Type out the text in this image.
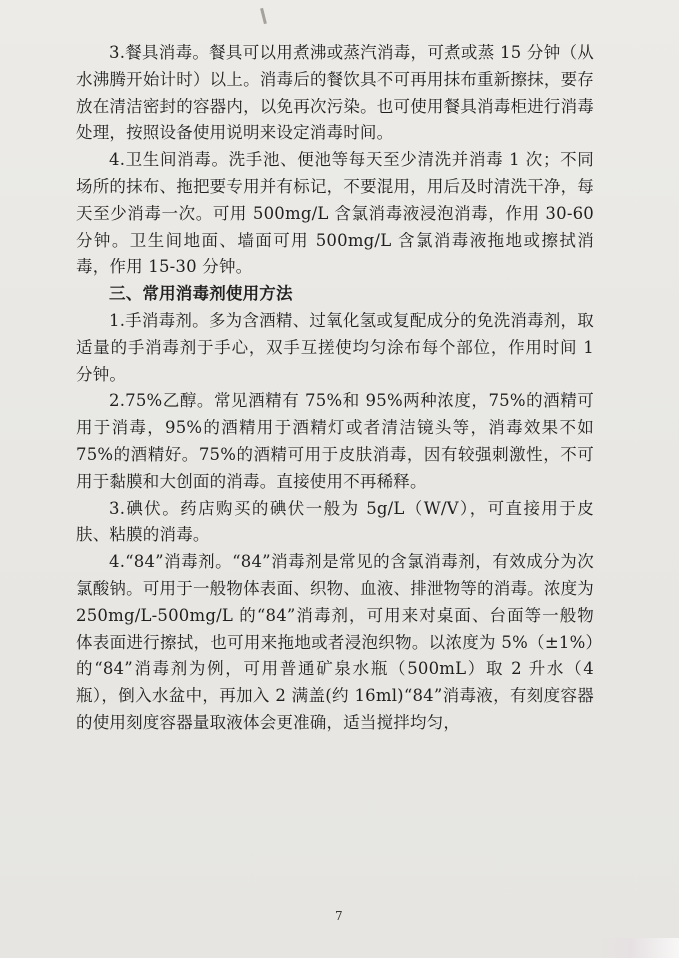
3.餐具消毒。餐具可以用煮沸或蒸汽消毒，可煮或蒸 15 分钟（从水沸腾开始计时）以上。消毒后的餐饮具不可再用抹布重新擦抹，要存放在清洁密封的容器内，以免再次污染。也可使用餐具消毒柜进行消毒处理，按照设备使用说明来设定消毒时间。

4.卫生间消毒。洗手池、便池等每天至少清洗并消毒 1 次；不同场所的抹布、拖把要专用并有标记，不要混用，用后及时清洗干净，每天至少消毒一次。可用 500mg/L 含氯消毒液浸泡消毒，作用 30-60 分钟。卫生间地面、墙面可用 500mg/L 含氯消毒液拖地或擦拭消毒，作用 15-30 分钟。

三、常用消毒剂使用方法

1.手消毒剂。多为含酒精、过氧化氢或复配成分的免洗消毒剂，取适量的手消毒剂于手心，双手互搓使均匀涂布每个部位，作用时间 1 分钟。

2.75%乙醇。常见酒精有 75%和 95%两种浓度，75%的酒精可用于消毒，95%的酒精用于酒精灯或者清洁镜头等，消毒效果不如 75%的酒精好。75%的酒精可用于皮肤消毒，因有较强刺激性，不可用于黏膜和大创面的消毒。直接使用不再稀释。

3.碘伏。药店购买的碘伏一般为 5g/L（W/V），可直接用于皮肤、粘膜的消毒。

4.“84”消毒剂。“84”消毒剂是常见的含氯消毒剂，有效成分为次氯酸钠。可用于一般物体表面、织物、血液、排泄物等的消毒。浓度为 250mg/L-500mg/L 的“84”消毒剂，可用来对桌面、台面等一般物体表面进行擦拭，也可用来拖地或者浸泡织物。以浓度为 5%（±1%）的“84”消毒剂为例，可用普通矿泉水瓶（500mL）取 2 升水（4 瓶），倒入水盆中，再加入 2 满盖(约 16ml)“84”消毒液，有刻度容器的使用刻度容器量取液体会更准确，适当搅拌均匀，

7
